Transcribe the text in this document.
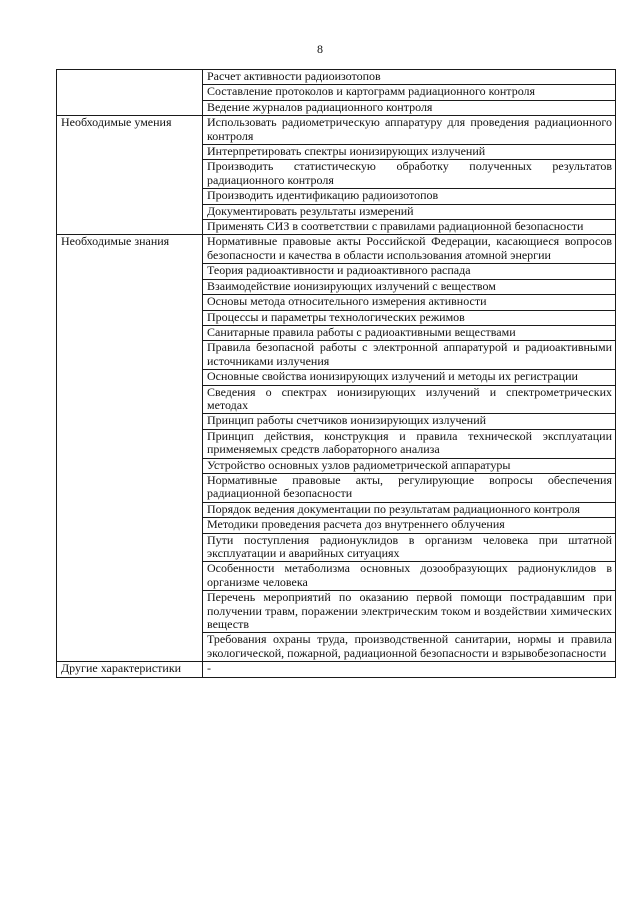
8
	Расчет активности радиоизотопов
	Составление протоколов и картограмм радиационного контроля
	Ведение журналов радиационного контроля
Необходимые умения	Использовать радиометрическую аппаратуру для проведения радиационного контроля
	Интерпретировать спектры ионизирующих излучений
	Производить статистическую обработку полученных результатов радиационного контроля
	Производить идентификацию радиоизотопов
	Документировать результаты измерений
	Применять СИЗ в соответствии с правилами радиационной безопасности
Необходимые знания	Нормативные правовые акты Российской Федерации, касающиеся вопросов безопасности и качества в области использования атомной энергии
	Теория радиоактивности и радиоактивного распада
	Взаимодействие ионизирующих излучений с веществом
	Основы метода относительного измерения активности
	Процессы и параметры технологических режимов
	Санитарные правила работы с радиоактивными веществами
	Правила безопасной работы с электронной аппаратурой и радиоактивными источниками излучения
	Основные свойства ионизирующих излучений и методы их регистрации
	Сведения о спектрах ионизирующих излучений и спектрометрических методах
	Принцип работы счетчиков ионизирующих излучений
	Принцип действия, конструкция и правила технической эксплуатации применяемых средств лабораторного анализа
	Устройство основных узлов радиометрической аппаратуры
	Нормативные правовые акты, регулирующие вопросы обеспечения радиационной безопасности
	Порядок ведения документации по результатам радиационного контроля
	Методики проведения расчета доз внутреннего облучения
	Пути поступления радионуклидов в организм человека при штатной эксплуатации и аварийных ситуациях
	Особенности метаболизма основных дозообразующих радионуклидов в организме человека
	Перечень мероприятий по оказанию первой помощи пострадавшим при получении травм, поражении электрическим током и воздействии химических веществ
	Требования охраны труда, производственной санитарии, нормы и правила экологической, пожарной, радиационной безопасности и взрывобезопасности
Другие характеристики	-
